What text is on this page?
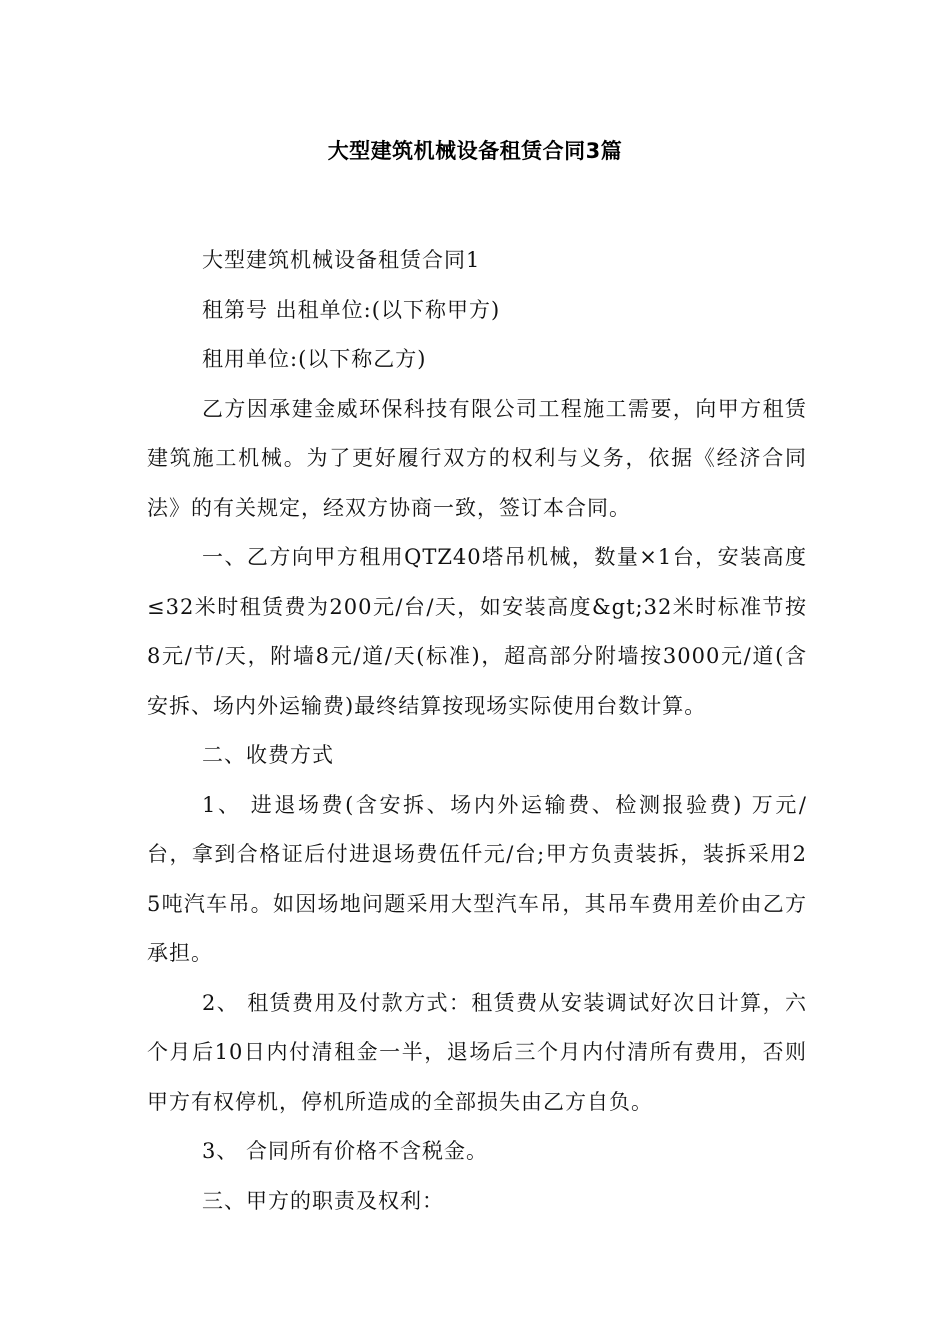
大型建筑机械设备租赁合同3篇

大型建筑机械设备租赁合同1

租第号 出租单位:(以下称甲方)

租用单位:(以下称乙方)

乙方因承建金威环保科技有限公司工程施工需要，向甲方租赁建筑施工机械。为了更好履行双方的权利与义务，依据《经济合同法》的有关规定，经双方协商一致，签订本合同。

一、乙方向甲方租用QTZ40塔吊机械，数量×1台，安装高度≤32米时租赁费为200元/台/天，如安装高度&gt;32米时标准节按8元/节/天，附墙8元/道/天(标准)，超高部分附墙按3000元/道(含安拆、场内外运输费)最终结算按现场实际使用台数计算。

二、收费方式

1、 进退场费(含安拆、场内外运输费、检测报验费) 万元/台，拿到合格证后付进退场费伍仟元/台;甲方负责装拆，装拆采用25吨汽车吊。如因场地问题采用大型汽车吊，其吊车费用差价由乙方承担。

2、 租赁费用及付款方式：租赁费从安装调试好次日计算，六个月后10日内付清租金一半，退场后三个月内付清所有费用，否则甲方有权停机，停机所造成的全部损失由乙方自负。

3、 合同所有价格不含税金。

三、甲方的职责及权利：
